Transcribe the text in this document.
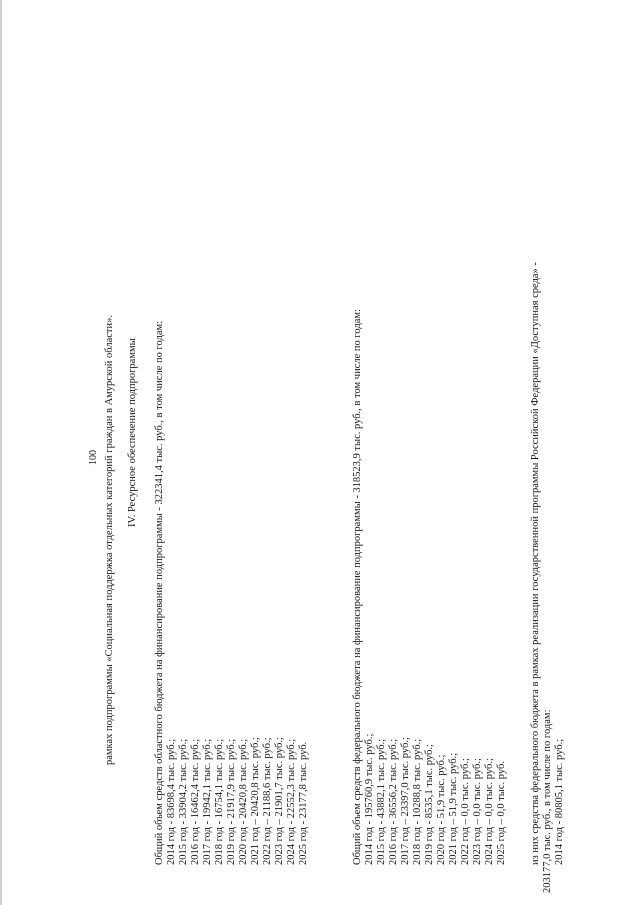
100 рамках подпрограммы «Социальная поддержка отдельных категорий граждан в Амурской области». IV. Ресурсное обеспечение подпрограммы Общий объем средств областного бюджета на финансирование подпрограммы - 322341,4 тыс. руб., в том числе по годам: 2014 год - 83698,4 тыс. руб.; 2015 год - 33904,2 тыс. руб.; 2016 год - 16462,4 тыс. руб.; 2017 год - 19942,1 тыс. руб.; 2018 год - 16754,1 тыс. руб.; 2019 год - 21917,9 тыс. руб.; 2020 год - 20420,8 тыс. руб.; 2021 год – 20420,8 тыс. руб.; 2022 год – 21188,6 тыс. руб.; 2023 год – 21901,7 тыс. руб.; 2024 год - 22552,3 тыс. руб.; 2025 год - 23177,8 тыс. руб.	Общий объем средств федерального бюджета на финансирование подпрограммы - 318523,9 тыс. руб., в том числе по годам: 2014 год - 195760,9 тыс. руб.; 2015 год - 43882,1 тыс. руб.; 2016 год - 36556,2 тыс. руб.; 2017 год – 23397,0 тыс. руб.; 2018 год - 10288,8 тыс. руб.; 2019 год - 8535,1 тыс. руб.; 2020 год - 51,9 тыс. руб.; 2021 год – 51,9 тыс. руб.; 2022 год – 0,0 тыс. руб.; 2023 год – 0,0 тыс. руб.; 2024 год – 0,0 тыс. руб.; 2025 год – 0,0 тыс. руб. из них средства федерального бюджета в рамках реализации государственной программы Российской Федерации «Доступная среда» - 203177,0 тыс. руб., в том числе по годам: 2014 год - 80805,1 тыс. руб.;
